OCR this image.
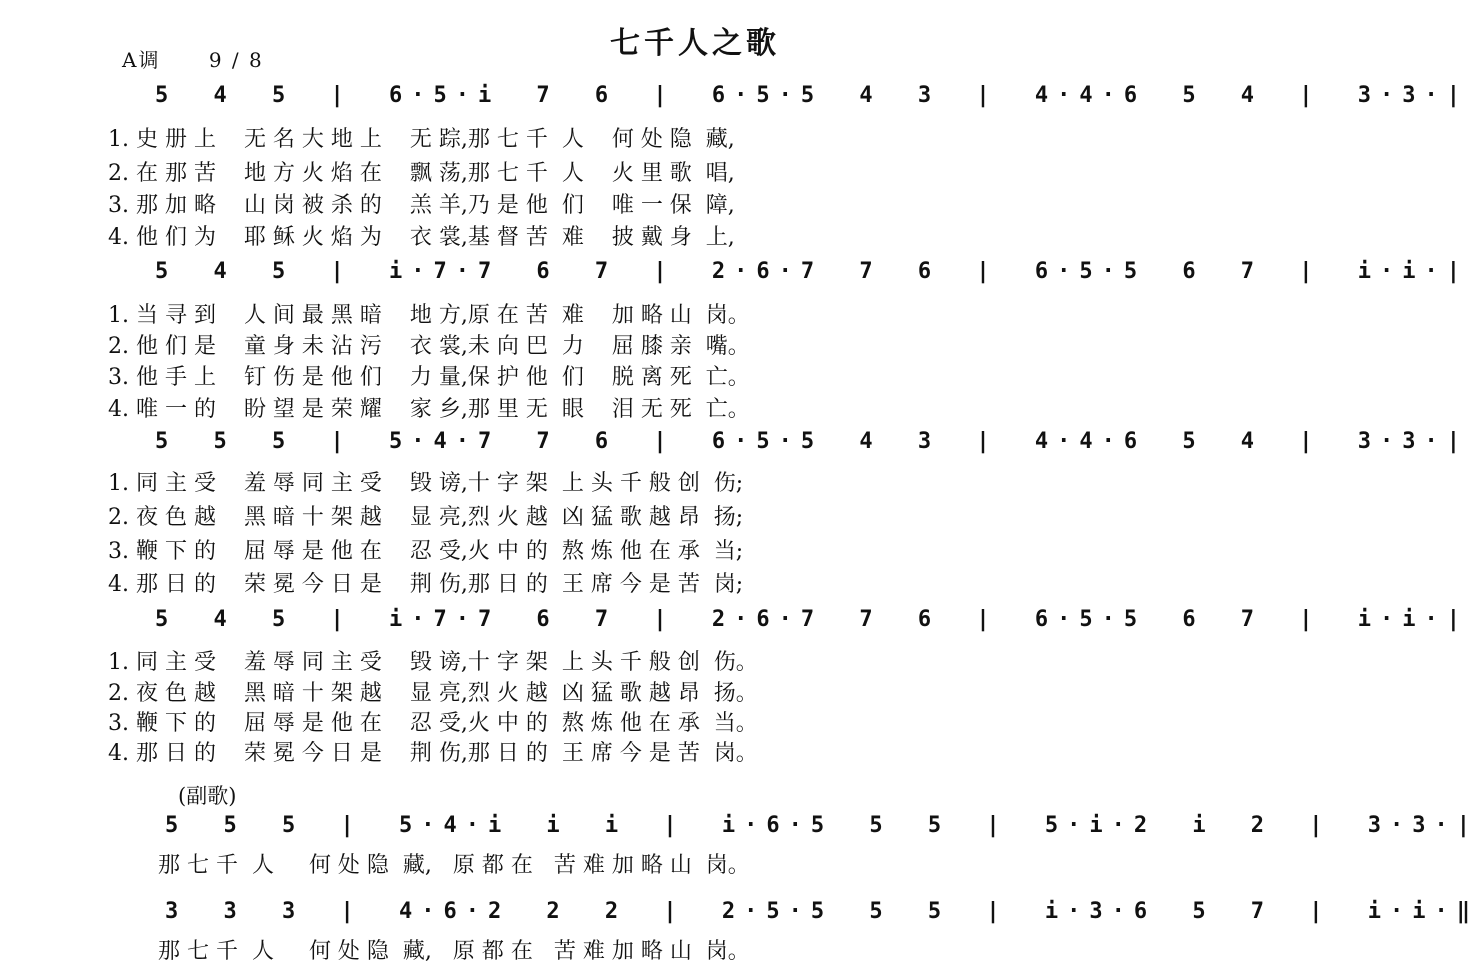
七千人之歌
A调 9 / 8
5 4 5 | 6·5·i 7 6 | 6·5·5 4 3 | 4·4·6 5 4 | 3·3·|
1. 史 册 上    无 名 大 地 上    无 踪,那 七 千  人    何 处 隐  藏,
2. 在 那 苦    地 方 火 焰 在    飘 荡,那 七 千  人    火 里 歌  唱,
3. 那 加 略    山 岗 被 杀 的    羔 羊,乃 是 他  们    唯 一 保  障,
4. 他 们 为    耶 稣 火 焰 为    衣 裳,基 督 苦  难    披 戴 身  上,
5 4 5 | i·7·7 6 7 | 2·6·7 7 6 | 6·5·5 6 7 | i·i·|
1. 当 寻 到    人 间 最 黑 暗    地 方,原 在 苦  难    加 略 山  岗。
2. 他 们 是    童 身 未 沾 污    衣 裳,未 向 巴  力    屈 膝 亲  嘴。
3. 他 手 上    钉 伤 是 他 们    力 量,保 护 他  们    脱 离 死  亡。
4. 唯 一 的    盼 望 是 荣 耀    家 乡,那 里 无  眼    泪 无 死  亡。
5 5 5 | 5·4·7 7 6 | 6·5·5 4 3 | 4·4·6 5 4 | 3·3·|
1. 同 主 受    羞 辱 同 主 受    毁 谤,十 字 架  上 头 千 般 创  伤;
2. 夜 色 越    黑 暗 十 架 越    显 亮,烈 火 越  凶 猛 歌 越 昂  扬;
3. 鞭 下 的    屈 辱 是 他 在    忍 受,火 中 的  熬 炼 他 在 承  当;
4. 那 日 的    荣 冕 今 日 是    荆 伤,那 日 的  王 席 今 是 苦  岗;
5 4 5 | i·7·7 6 7 | 2·6·7 7 6 | 6·5·5 6 7 | i·i·|
1. 同 主 受    羞 辱 同 主 受    毁 谤,十 字 架  上 头 千 般 创  伤。
2. 夜 色 越    黑 暗 十 架 越    显 亮,烈 火 越  凶 猛 歌 越 昂  扬。
3. 鞭 下 的    屈 辱 是 他 在    忍 受,火 中 的  熬 炼 他 在 承  当。
4. 那 日 的    荣 冕 今 日 是    荆 伤,那 日 的  王 席 今 是 苦  岗。
(副歌)
5 5 5 | 5·4·i i i | i·6·5 5 5 | 5·i·2 i 2 | 3·3·|
那 七 千  人     何 处 隐  藏,   原 都 在   苦 难 加 略 山  岗。
3 3 3 | 4·6·2 2 2 | 2·5·5 5 5 | i·3·6 5 7 | i·i·‖
那 七 千  人     何 处 隐  藏,   原 都 在   苦 难 加 略 山  岗。
